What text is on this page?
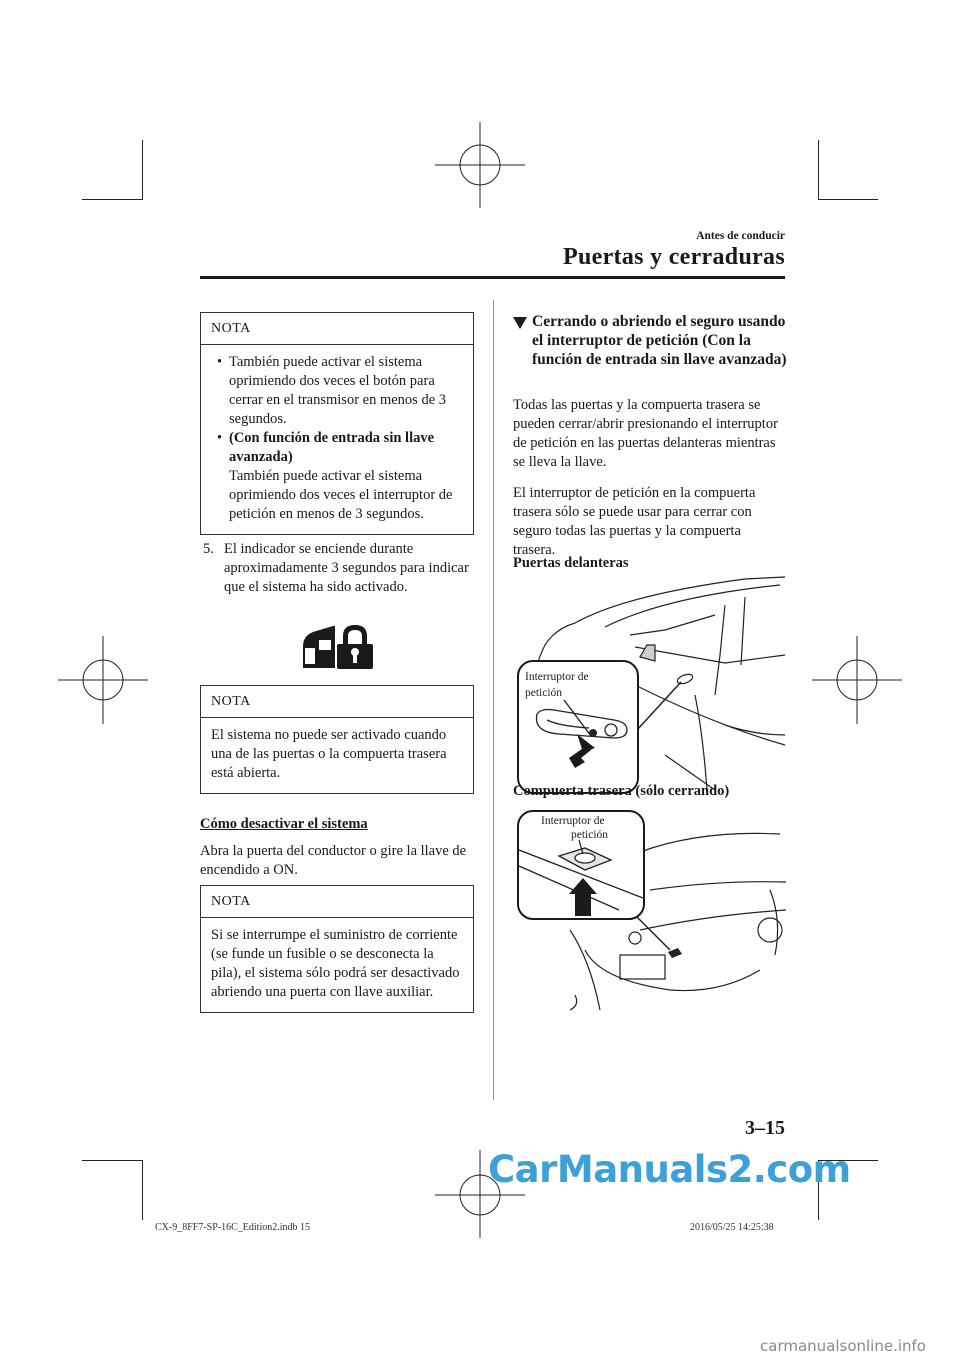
Antes de conducir
Puertas y cerraduras
NOTA

• También puede activar el sistema oprimiendo dos veces el botón para cerrar en el transmisor en menos de 3 segundos.

• (Con función de entrada sin llave avanzada)
También puede activar el sistema oprimiendo dos veces el interruptor de petición en menos de 3 segundos.

5. El indicador se enciende durante aproximadamente 3 segundos para indicar que el sistema ha sido activado.
NOTA

El sistema no puede ser activado cuando una de las puertas o la compuerta trasera está abierta.

Cómo desactivar el sistema
Abra la puerta del conductor o gire la llave de encendido a ON.
NOTA

Si se interrumpe el suministro de corriente (se funde un fusible o se desconecta la pila), el sistema sólo podrá ser desactivado abriendo una puerta con llave auxiliar.

Cerrando o abriendo el seguro usando el interruptor de petición (Con la función de entrada sin llave avanzada)
Todas las puertas y la compuerta trasera se pueden cerrar/abrir presionando el interruptor de petición en las puertas delanteras mientras se lleva la llave.
El interruptor de petición en la compuerta trasera sólo se puede usar para cerrar con seguro todas las puertas y la compuerta trasera.
Puertas delanteras
Interruptor de
petición
Compuerta trasera (sólo cerrando)
Interruptor de
petición
3–15
CX-9_8FF7-SP-16C_Edition2.indb 15	2016/05/25 14:25:38
CarManuals2.com
carmanualsonline.info
